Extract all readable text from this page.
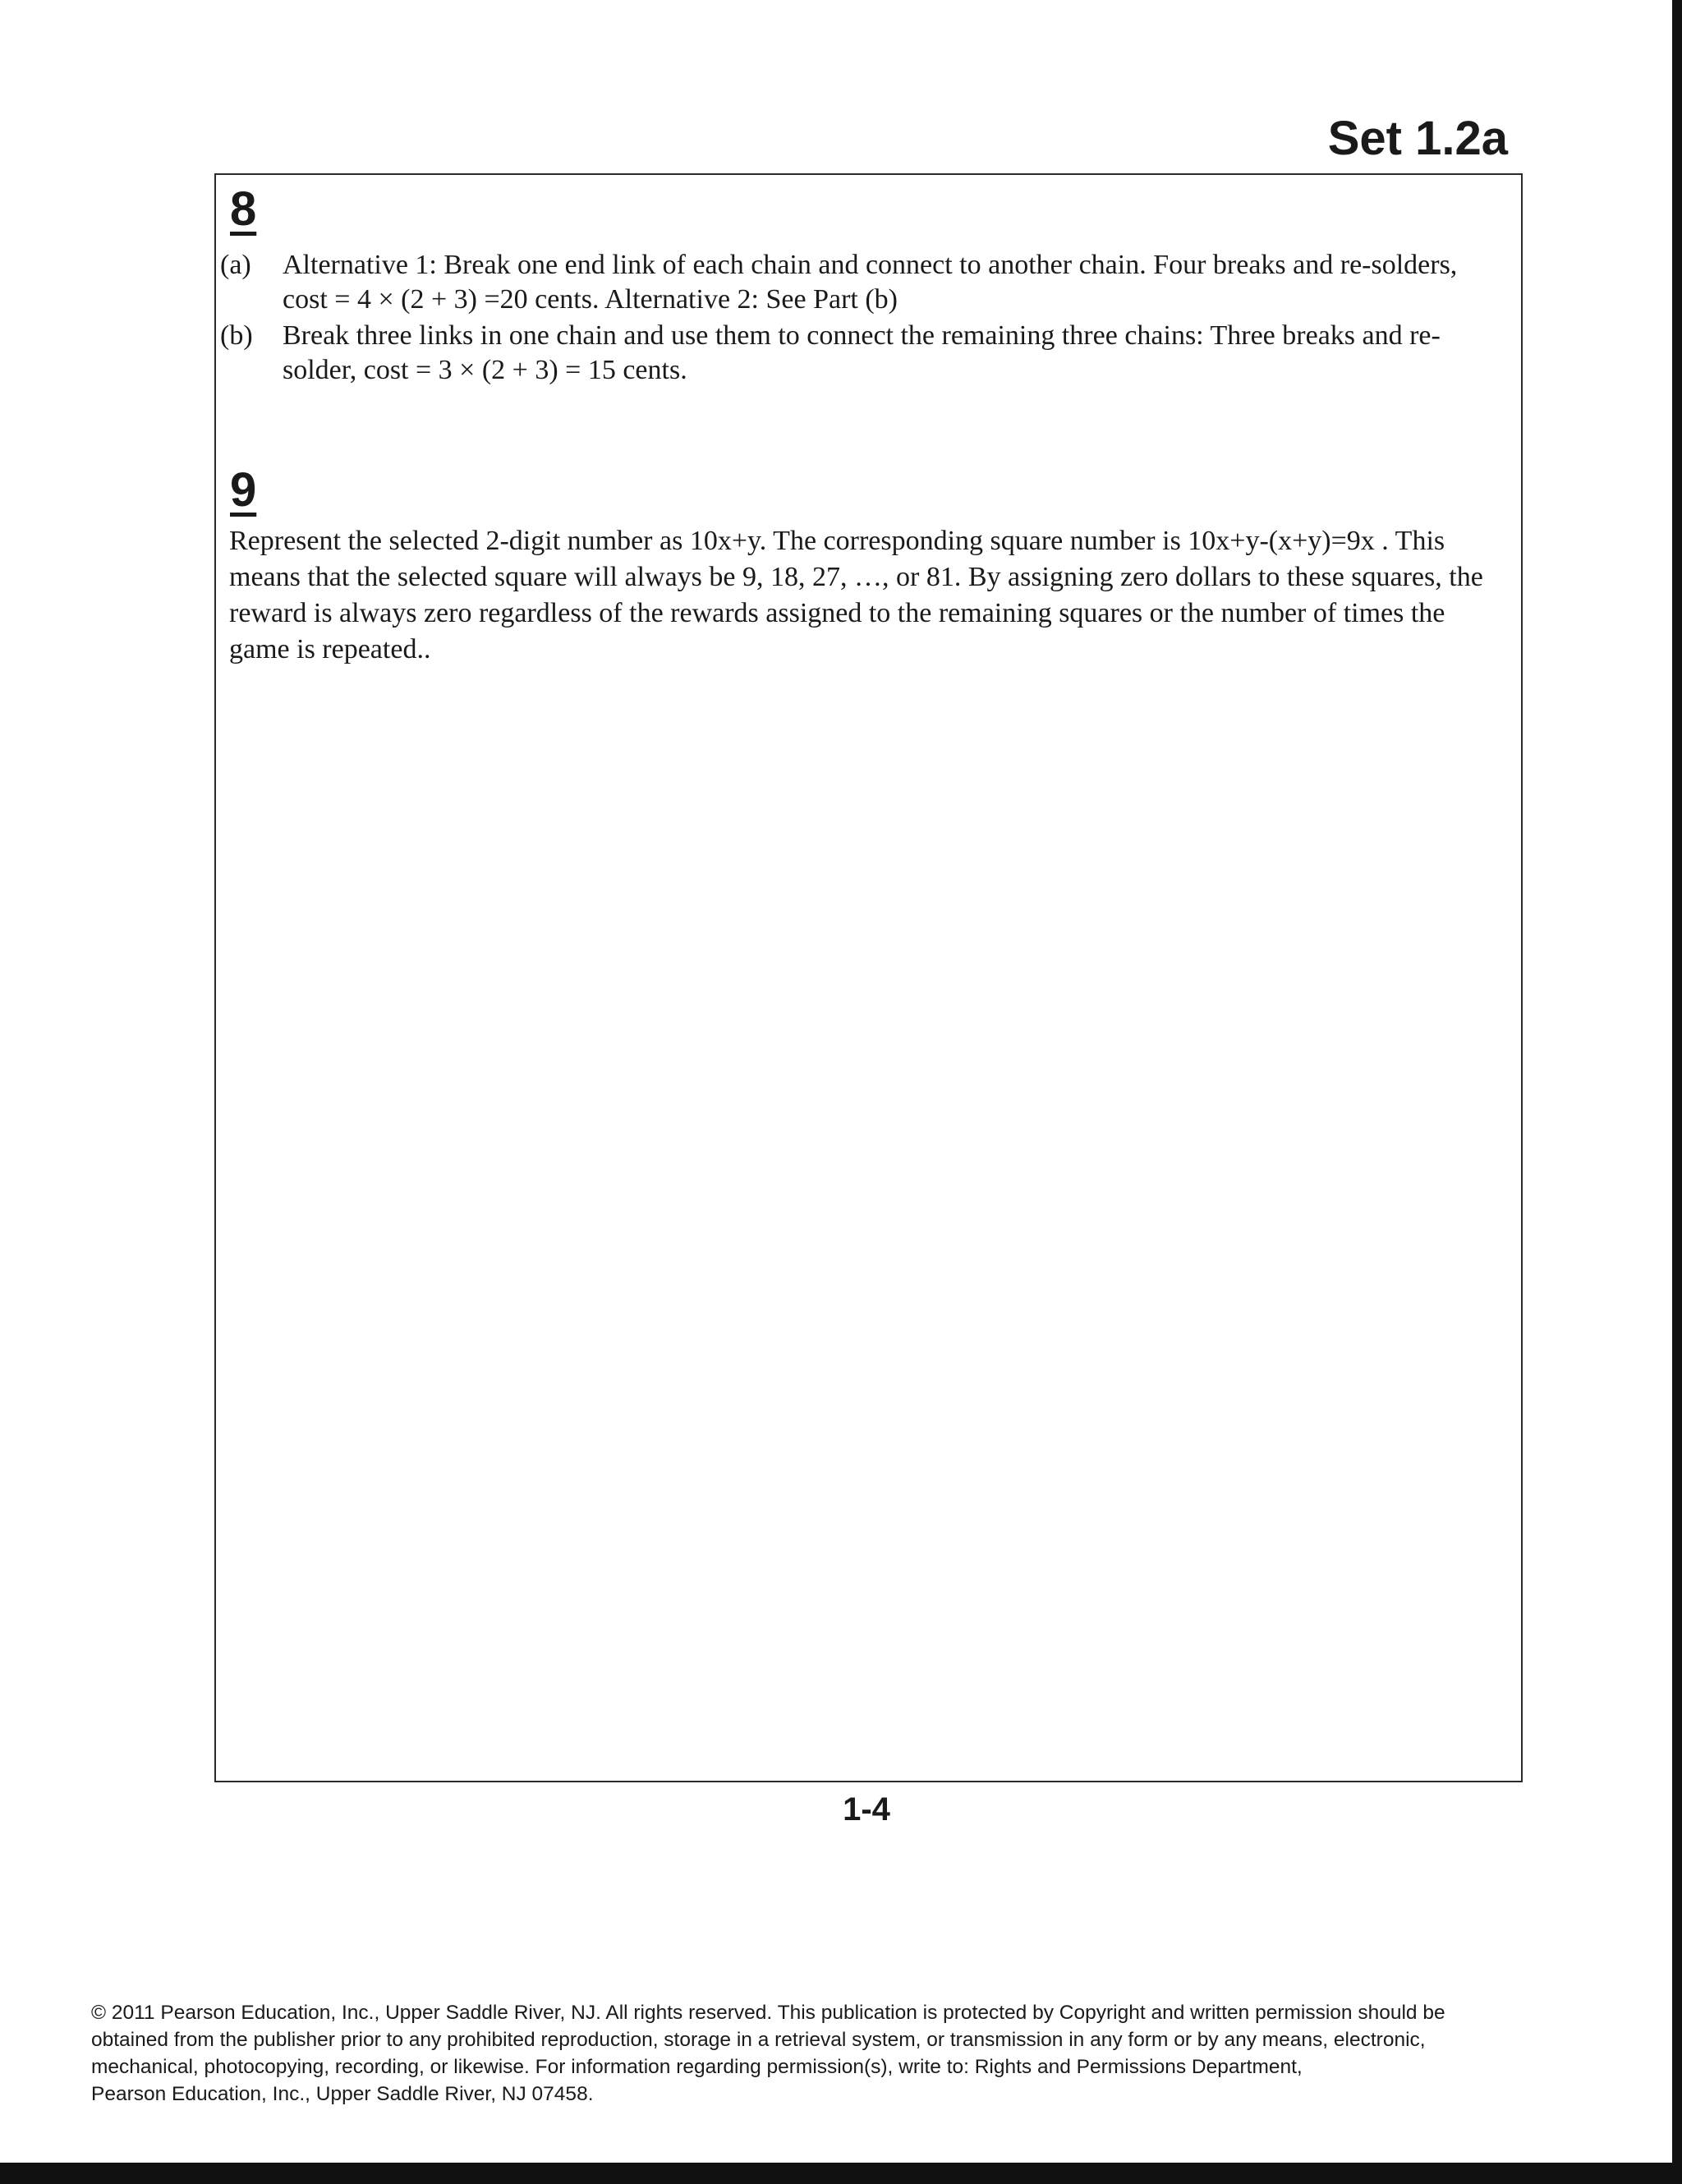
Set 1.2a
8
(a)	Alternative 1: Break one end link of each chain and connect to another chain. Four breaks and re-solders, cost = 4 × (2 + 3) =20 cents. Alternative 2: See Part (b)
(b)	Break three links in one chain and use them to connect the remaining three chains: Three breaks and re-solder, cost = 3 × (2 + 3) = 15 cents.
9
Represent the selected 2-digit number as 10x+y. The corresponding square number is 10x+y-(x+y)=9x . This means that the selected square will always be 9, 18, 27, …, or 81. By assigning zero dollars to these squares, the reward is always zero regardless of the rewards assigned to the remaining squares or the number of times the game is repeated..
1-4
© 2011 Pearson Education, Inc., Upper Saddle River, NJ. All rights reserved. This publication is protected by Copyright and written permission should be
obtained from the publisher prior to any prohibited reproduction, storage in a retrieval system, or transmission in any form or by any means, electronic,
mechanical, photocopying, recording, or likewise. For information regarding permission(s), write to: Rights and Permissions Department,
Pearson Education, Inc., Upper Saddle River, NJ 07458.
